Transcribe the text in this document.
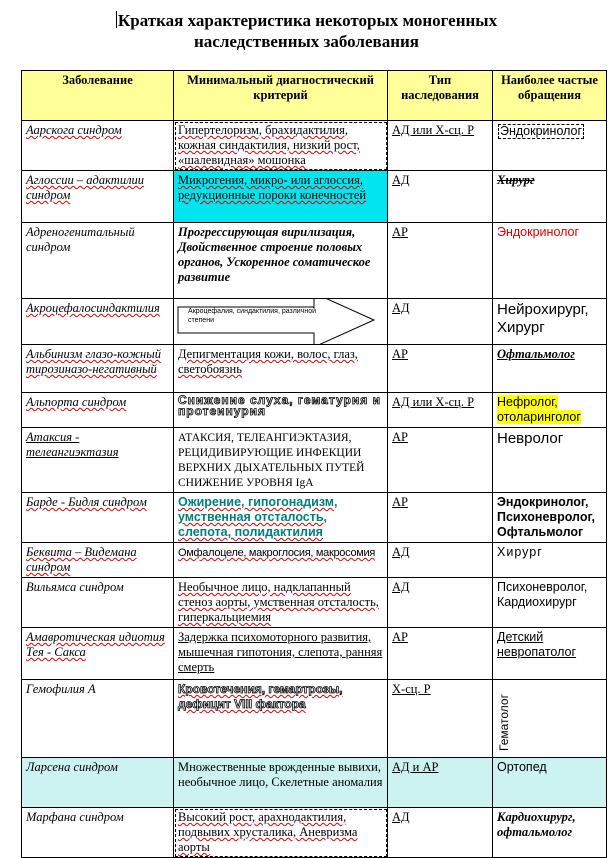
Краткая характеристика некоторых моногенных
наследственных заболевания
Заболевание	Минимальный диагностический критерий	Тип наследования	Наиболее частые обращения
Аарскога синдром	Гипертелоризм, брахидактилия, кожная синдактилия, низкий рост, «шалевидная» мошонка	АД или Х-сц. Р	Эндокринолог
Аглоссии – адактилии синдром	Микрогения, микро- или аглоссия, редукционные пороки конечностей	АД	Хирург
Адреногенитальный синдром	Прогрессирующая вирилизация, Двойственное строение половых органов, Ускоренное соматическое развитие	АР	Эндокринолог
Акроцефалосиндактилия	Акроцефалия, синдактилия, различной степени	АД	Нейрохирург, Хирург
Альбинизм глазо-кожный тирозиназо-негативный	Депигментация кожи, волос, глаз, светобоязнь	АР	Офтальмолог
Альпорта синдром	Снижение слуха, гематурия и протеинурия	АД или Х-сц. Р	Нефролог, отоларинголог
Атаксия - телеангиэктазия	АТАКСИЯ, ТЕЛЕАНГИЭКТАЗИЯ, РЕЦИДИВИРУЮЩИЕ ИНФЕКЦИИ ВЕРХНИХ ДЫХАТЕЛЬНЫХ ПУТЕЙ СНИЖЕНИЕ УРОВНЯ IgA	АР	Невролог
Барде - Бидля синдром	Ожирение, гипогонадизм, умственная отсталость, слепота, полидактилия	АР	Эндокринолог, Психоневролог, Офтальмолог
Беквита – Видемана синдром	Омфалоцеле, макроглосия, макросомия	АД	Хирург
Вильямса синдром	Необычное лицо, надклапанный стеноз аорты, умственная отсталость, гиперкальциемия	АД	Психоневролог, Кардиохирург
Амавротическая идиотия Тея - Сакса	Задержка психомоторного развития, мышечная гипотония, слепота, ранняя смерть	АР	Детский невропатолог
Гемофилия А	Кровотечения, гемартрозы, дефицит VIII фактора	Х-сц. Р	Гематолог

Ларсена синдром	Множественные врожденные вывихи, необычное лицо, Скелетные аномалия	АД и АР	Ортопед
Марфана синдром	Высокий рост, арахнодактилия, подвывих хрусталика, Аневризма аорты	АД	Кардиохирург, офтальмолог
